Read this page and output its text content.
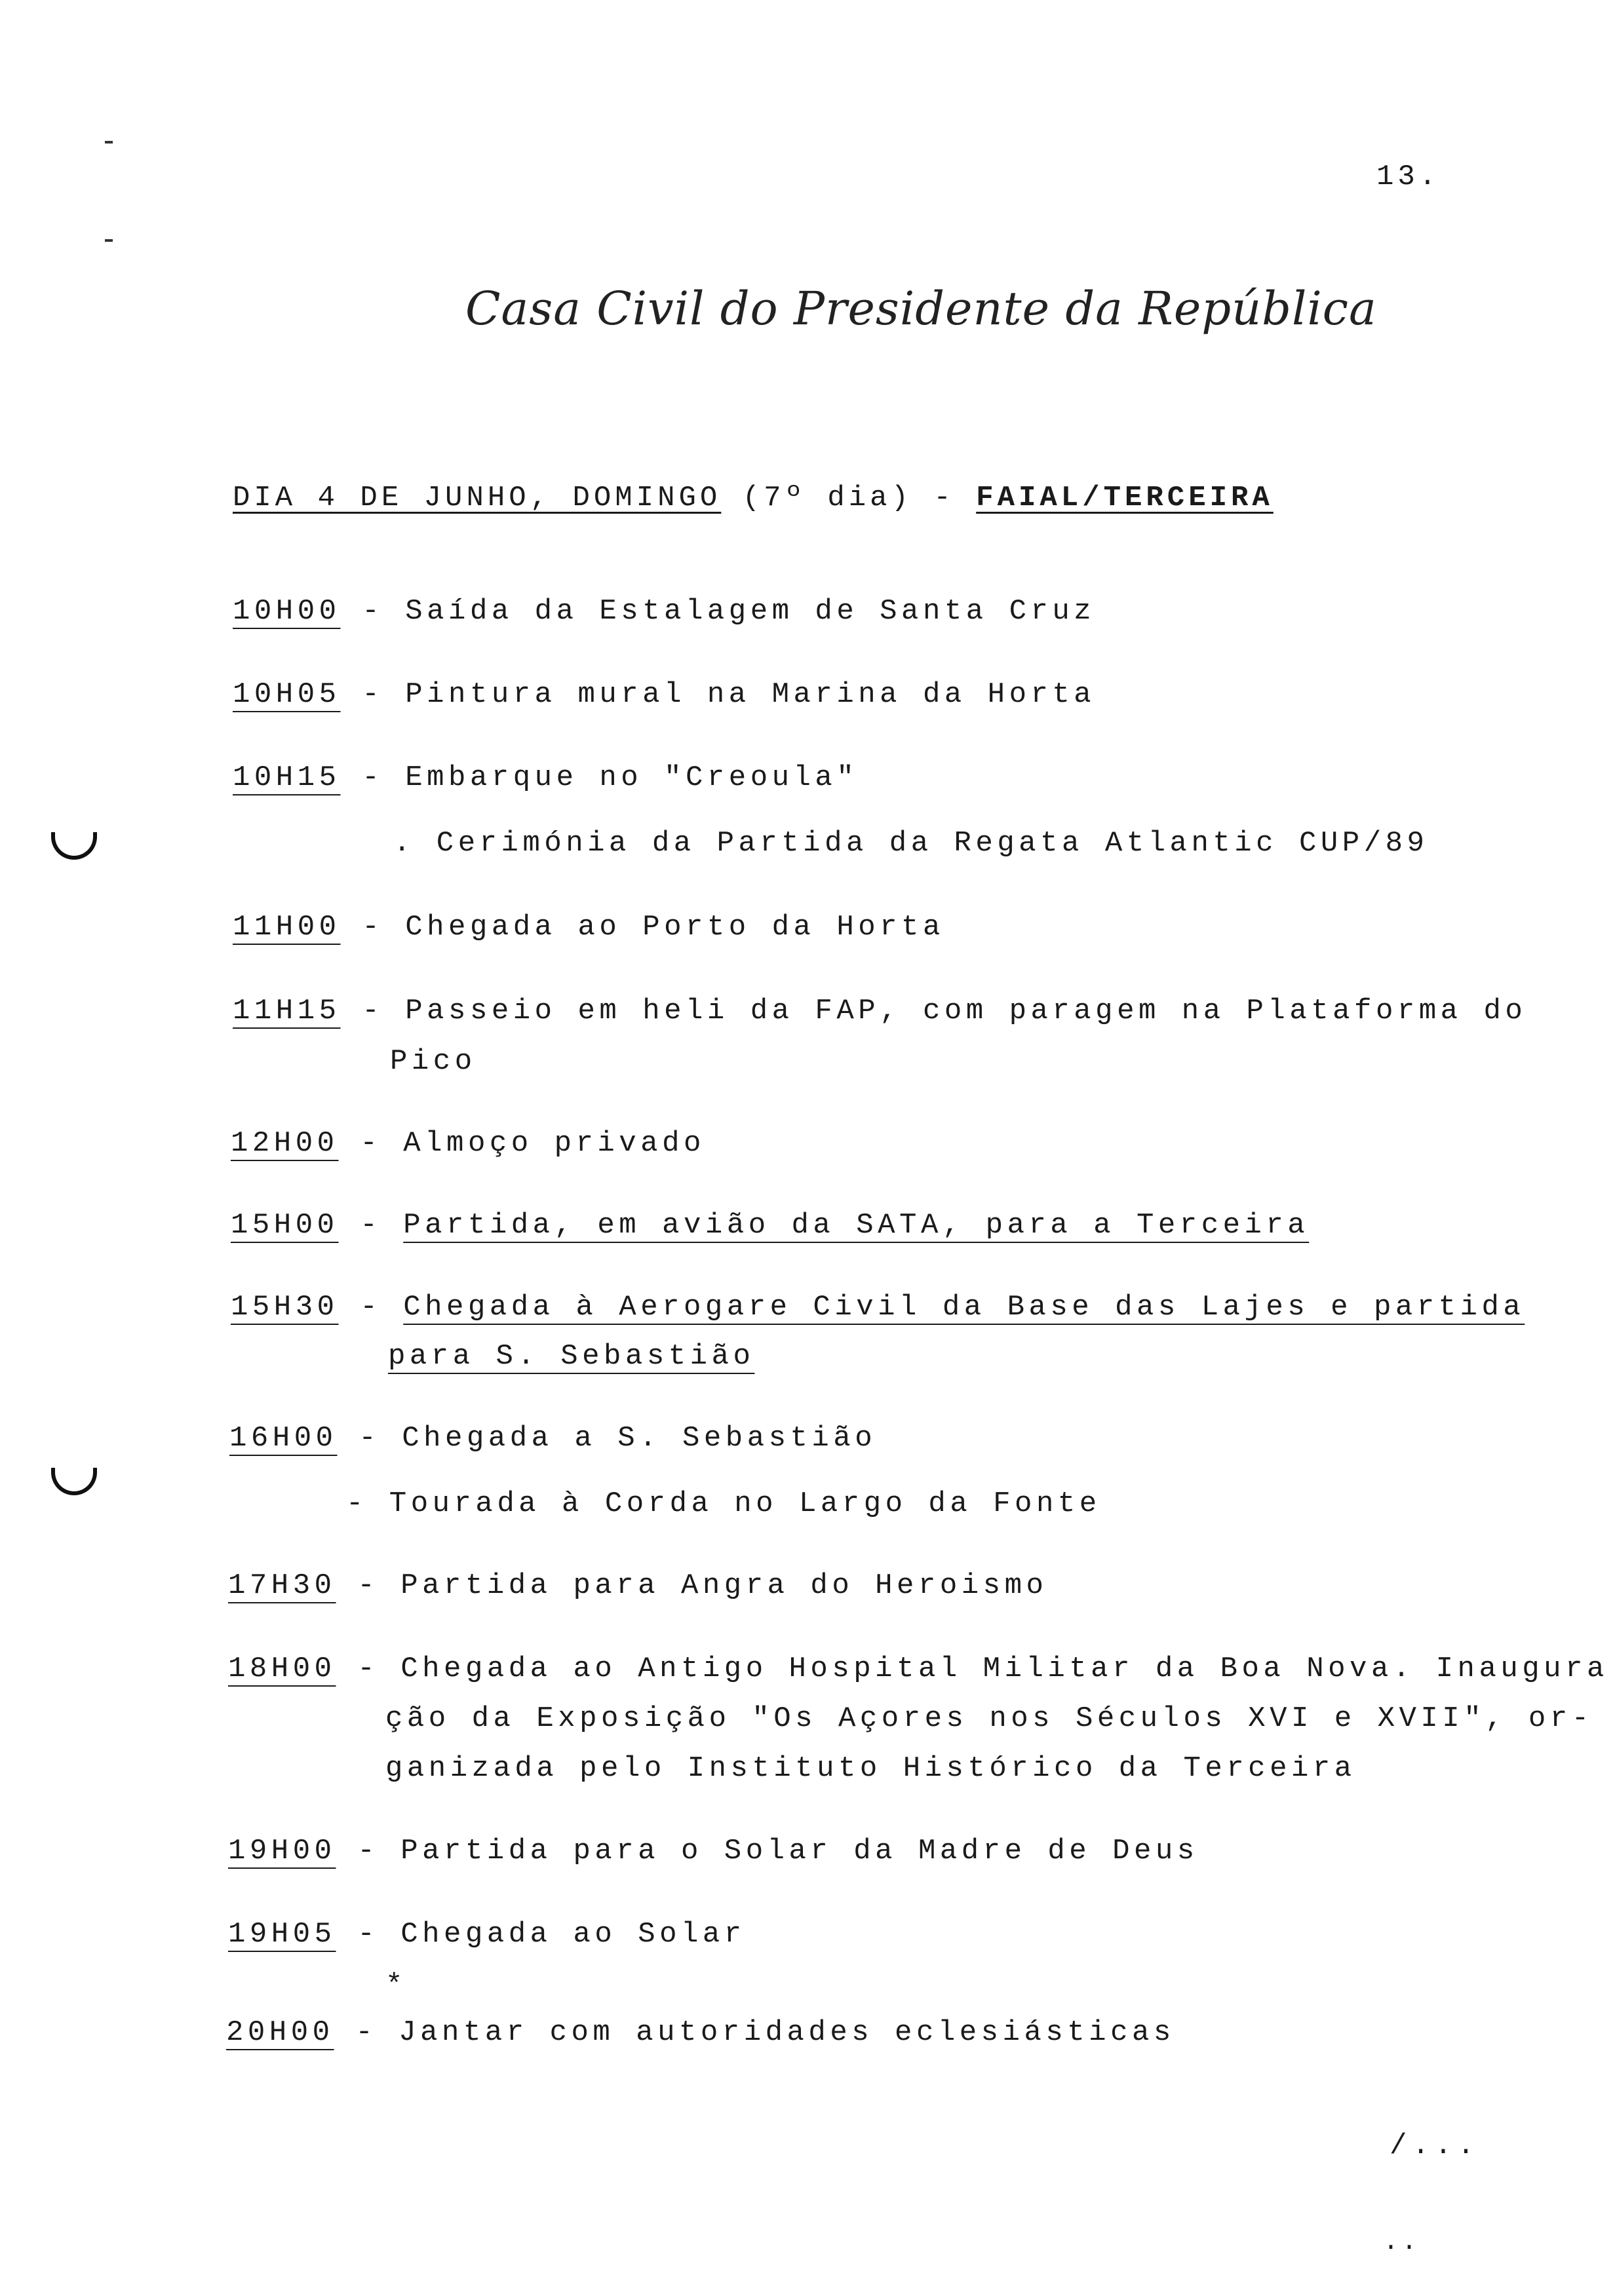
13.
Casa Civil do Presidente da República
DIA 4 DE JUNHO, DOMINGO (7º dia) - FAIAL/TERCEIRA
10H00 - Saída da Estalagem de Santa Cruz
10H05 - Pintura mural na Marina da Horta
10H15 - Embarque no "Creoula"
. Cerimónia da Partida da Regata Atlantic CUP/89
11H00 - Chegada ao Porto da Horta
11H15 - Passeio em heli da FAP, com paragem na Plataforma do
Pico
12H00 - Almoço privado
15H00 - Partida, em avião da SATA, para a Terceira
15H30 - Chegada à Aerogare Civil da Base das Lajes e partida
para S. Sebastião
16H00 - Chegada a S. Sebastião
- Tourada à Corda no Largo da Fonte
17H30 - Partida para Angra do Heroismo
18H00 - Chegada ao Antigo Hospital Militar da Boa Nova. Inaugura
ção da Exposição "Os Açores nos Séculos XVI e XVII", or-
ganizada pelo Instituto Histórico da Terceira
19H00 - Partida para o Solar da Madre de Deus
19H05 - Chegada ao Solar
*
20H00 - Jantar com autoridades eclesiásticas
/...
..
